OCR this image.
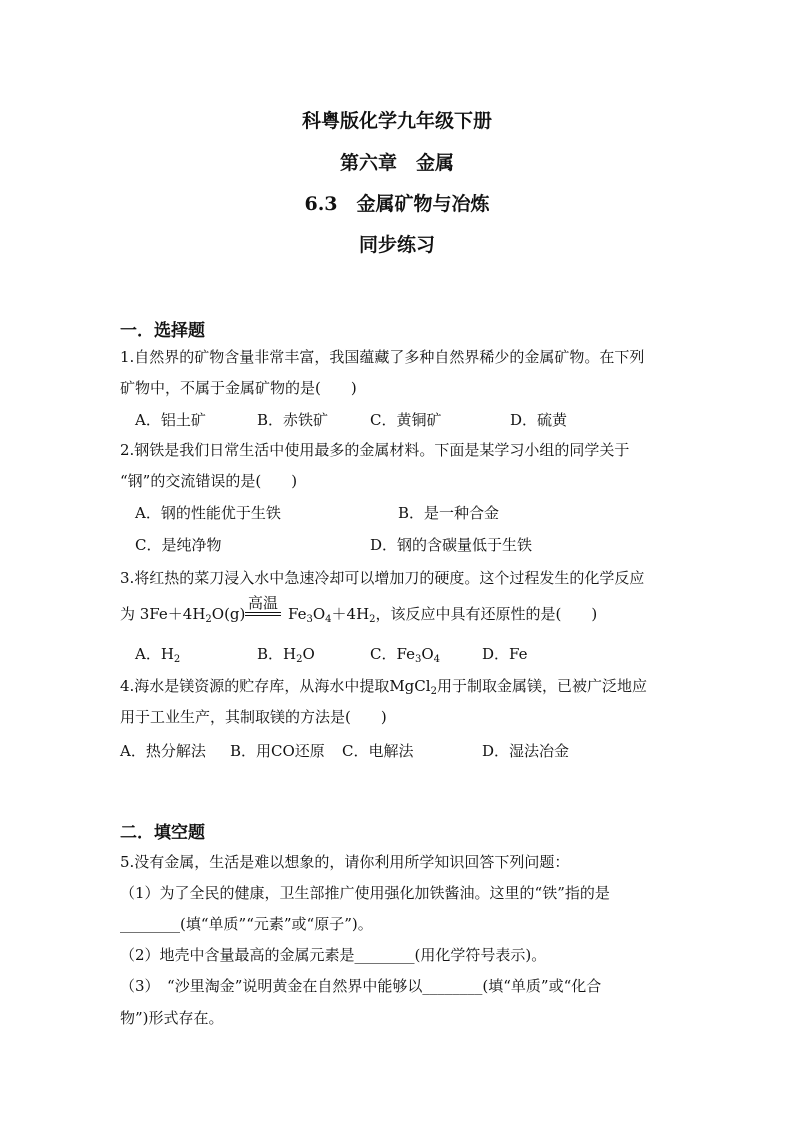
科粤版化学九年级下册
第六章　金属
6.3　金属矿物与冶炼
同步练习
一．选择题
1.自然界的矿物含量非常丰富，我国蕴藏了多种自然界稀少的金属矿物。在下列
矿物中，不属于金属矿物的是(　　)
A．铝土矿	B．赤铁矿	C．黄铜矿	D．硫黄
2.钢铁是我们日常生活中使用最多的金属材料。下面是某学习小组的同学关于
“钢”的交流错误的是(　　)
A．钢的性能优于生铁	B．是一种合金
C．是纯净物	D．钢的含碳量低于生铁
3.将红热的菜刀浸入水中急速冷却可以增加刀的硬度。这个过程发生的化学反应
为 $3Fe+4H_2O(g)$
高温
$Fe_3O_4+4H_2$，该反应中具有还原性的是(　　)
A．$H_2$	B．$H_2O$	C．$Fe_3O_4$	D．Fe
4.海水是镁资源的贮存库，从海水中提取MgCl$_2$用于制取金属镁，已被广泛地应
用于工业生产，其制取镁的方法是(　　)
A．热分解法 B．用CO还原 C．电解法	D．湿法冶金
二．填空题
5.没有金属，生活是难以想象的，请你利用所学知识回答下列问题：
（1）为了全民的健康，卫生部推广使用强化加铁酱油。这里的“铁”指的是
________(填“单质”“元素”或“原子”)。
（2）地壳中含量最高的金属元素是________(用化学符号表示)。
（3）　“沙里淘金”说明黄金在自然界中能够以________(填“单质”或“化合
物”)形式存在。
